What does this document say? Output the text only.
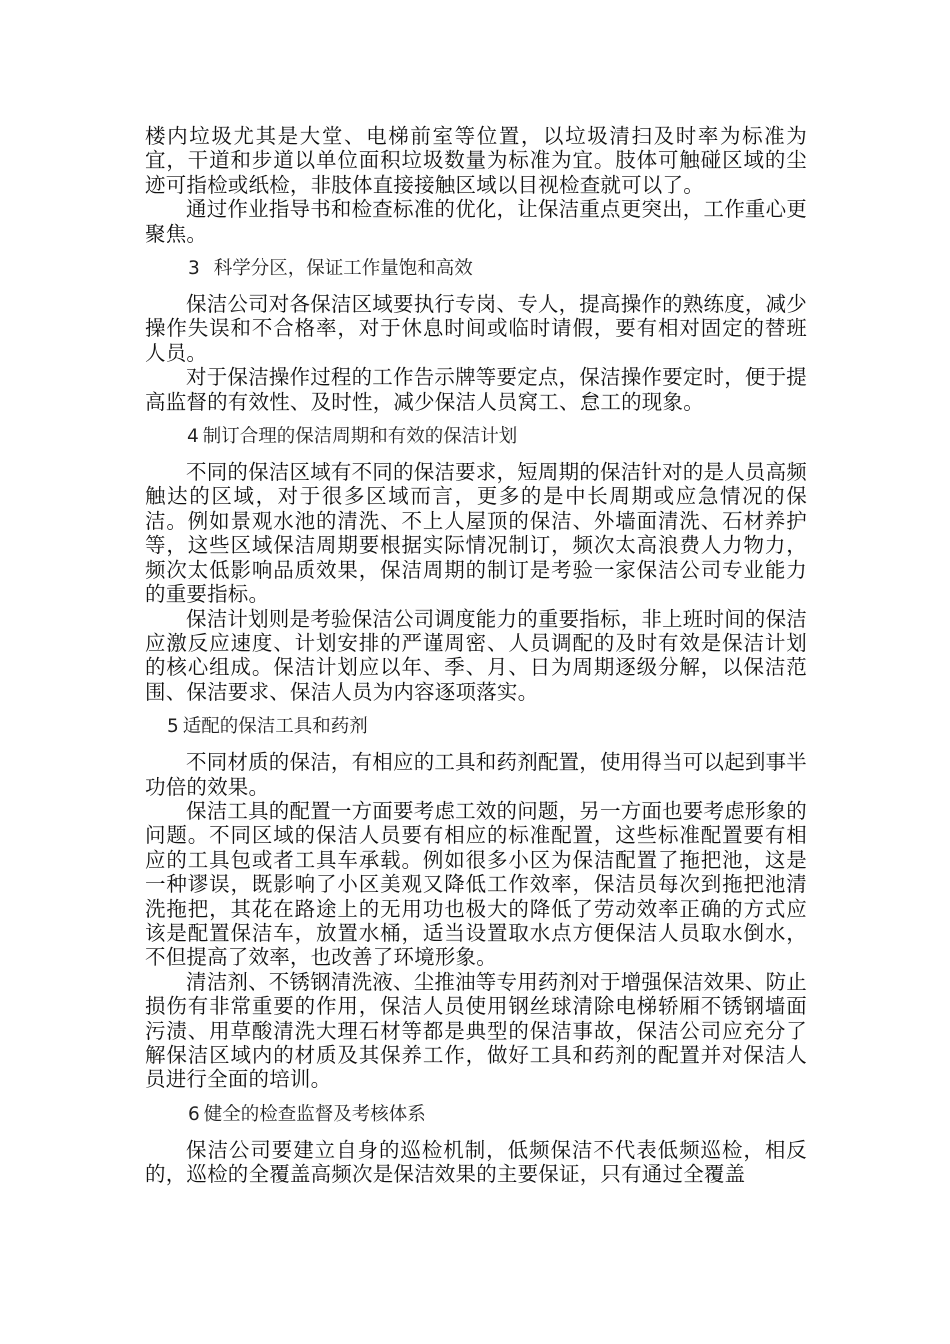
楼内垃圾尤其是大堂、电梯前室等位置，以垃圾清扫及时率为标准为宜，干道和步道以单位面积垃圾数量为标准为宜。肢体可触碰区域的尘迹可指检或纸检，非肢体直接接触区域以目视检查就可以了。

通过作业指导书和检查标准的优化，让保洁重点更突出，工作重心更聚焦。

3 科学分区，保证工作量饱和高效

保洁公司对各保洁区域要执行专岗、专人，提高操作的熟练度，减少操作失误和不合格率，对于休息时间或临时请假，要有相对固定的替班人员。

对于保洁操作过程的工作告示牌等要定点，保洁操作要定时，便于提高监督的有效性、及时性，减少保洁人员窝工、怠工的现象。

4 制订合理的保洁周期和有效的保洁计划

不同的保洁区域有不同的保洁要求，短周期的保洁针对的是人员高频触达的区域，对于很多区域而言，更多的是中长周期或应急情况的保洁。例如景观水池的清洗、不上人屋顶的保洁、外墙面清洗、石材养护等，这些区域保洁周期要根据实际情况制订，频次太高浪费人力物力，频次太低影响品质效果，保洁周期的制订是考验一家保洁公司专业能力的重要指标。

保洁计划则是考验保洁公司调度能力的重要指标，非上班时间的保洁应激反应速度、计划安排的严谨周密、人员调配的及时有效是保洁计划的核心组成。保洁计划应以年、季、月、日为周期逐级分解，以保洁范围、保洁要求、保洁人员为内容逐项落实。

5 适配的保洁工具和药剂

不同材质的保洁，有相应的工具和药剂配置，使用得当可以起到事半功倍的效果。

保洁工具的配置一方面要考虑工效的问题，另一方面也要考虑形象的问题。不同区域的保洁人员要有相应的标准配置，这些标准配置要有相应的工具包或者工具车承载。例如很多小区为保洁配置了拖把池，这是一种谬误，既影响了小区美观又降低工作效率，保洁员每次到拖把池清洗拖把，其花在路途上的无用功也极大的降低了劳动效率正确的方式应该是配置保洁车，放置水桶，适当设置取水点方便保洁人员取水倒水，不但提高了效率，也改善了环境形象。

清洁剂、不锈钢清洗液、尘推油等专用药剂对于增强保洁效果、防止损伤有非常重要的作用，保洁人员使用钢丝球清除电梯轿厢不锈钢墙面污渍、用草酸清洗大理石材等都是典型的保洁事故，保洁公司应充分了解保洁区域内的材质及其保养工作，做好工具和药剂的配置并对保洁人员进行全面的培训。

6 健全的检查监督及考核体系

保洁公司要建立自身的巡检机制，低频保洁不代表低频巡检，相反的，巡检的全覆盖高频次是保洁效果的主要保证，只有通过全覆盖
